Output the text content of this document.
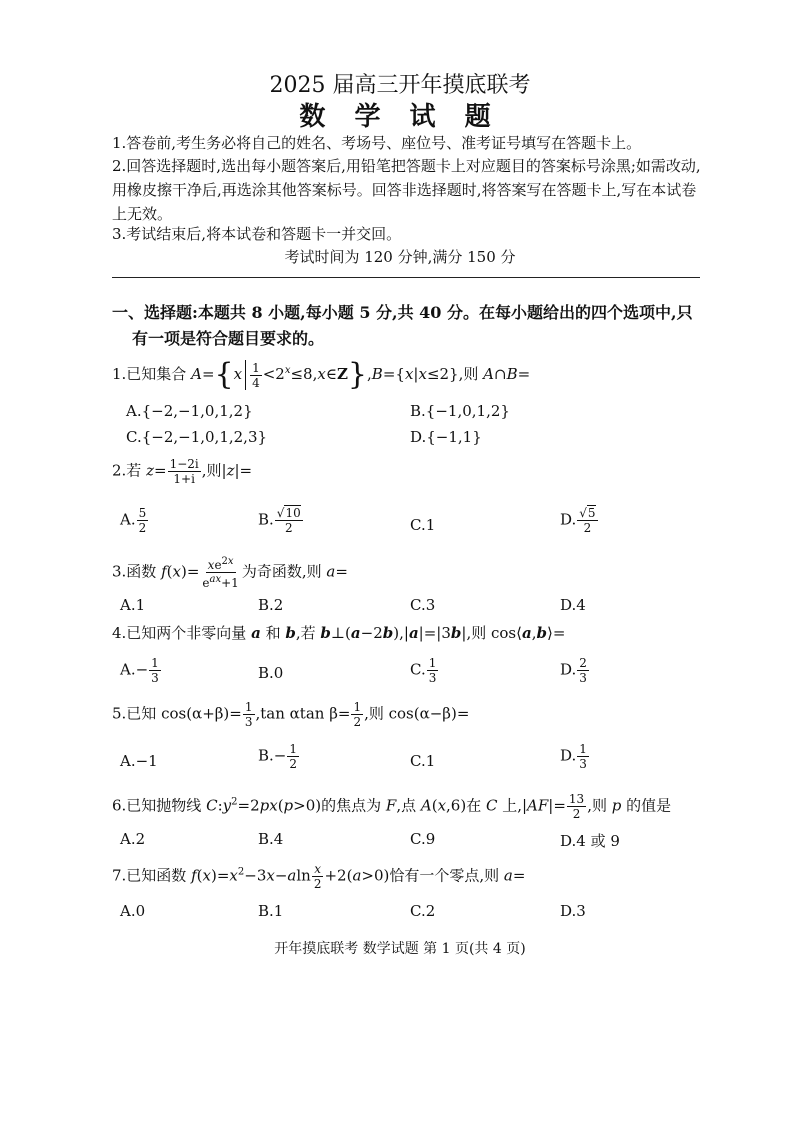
2025 届高三开年摸底联考
数 学 试 题
1.答卷前,考生务必将自己的姓名、考场号、座位号、准考证号填写在答题卡上。
2.回答选择题时,选出每小题答案后,用铅笔把答题卡上对应题目的答案标号涂黑;如需改动,用橡皮擦干净后,再选涂其他答案标号。回答非选择题时,将答案写在答题卡上,写在本试卷上无效。
3.考试结束后,将本试卷和答题卡一并交回。
考试时间为 120 分钟,满分 150 分
一、选择题:本题共 8 小题,每小题 5 分,共 40 分。在每小题给出的四个选项中,只
有一项是符合题目要求的。
1.已知集合 $A=\{x \frac{1}{4}$ $<2^x\le 8,x\in Z\},B=\{x|x\le 2\}$,则 A∩B=
A.{−2,−1,0,1,2}	B.{−1,0,1,2}
C.{−2,−1,0,1,2,3}	D.{−1,1}
2.若 $z= \frac{1-2i}{1+i}$ ,则|z|=
A. $\frac{5}{2}$	B. $\frac{√10}{2}$	C.1	D. $\frac{√5}{2}$
3.函数 $f(x)= \frac{xe^{2x}}{e^{ax}+1}$ 为奇函数,则 a=
A.1	B.2	C.3	D.4
4.已知两个非零向量 a 和 b,若 b⊥(a−2b),|a|=|3b|,则 cos⟨a,b⟩=
$A.- \frac{1}{3}$	B.0	C. $\frac{1}{3}$	D. $\frac{2}{3}$
5.已知 $\cos(\alpha+\beta)= \frac{1}{3} ,\tan$ αtan $\beta= \frac{1}{2}$ ,则 cos(α−β)=
A.−1	$B.- \frac{1}{2}$	C.1	D. $\frac{1}{3}$
6.已知抛物线 $C:y^2=2px(p>0)$的焦点为 F,点 A(x,6)在 C 上$,|AF|= \frac{13}{2}$ ,则 p 的值是
A.2	B.4	C.9	D.4 或 9
7.已知函数 $f(x)=x^2-3x-aln \frac{x}{2} +2(a>0)$恰有一个零点,则 a=
A.0	B.1	C.2	D.3
开年摸底联考 数学试题 第 1 页(共 4 页)
